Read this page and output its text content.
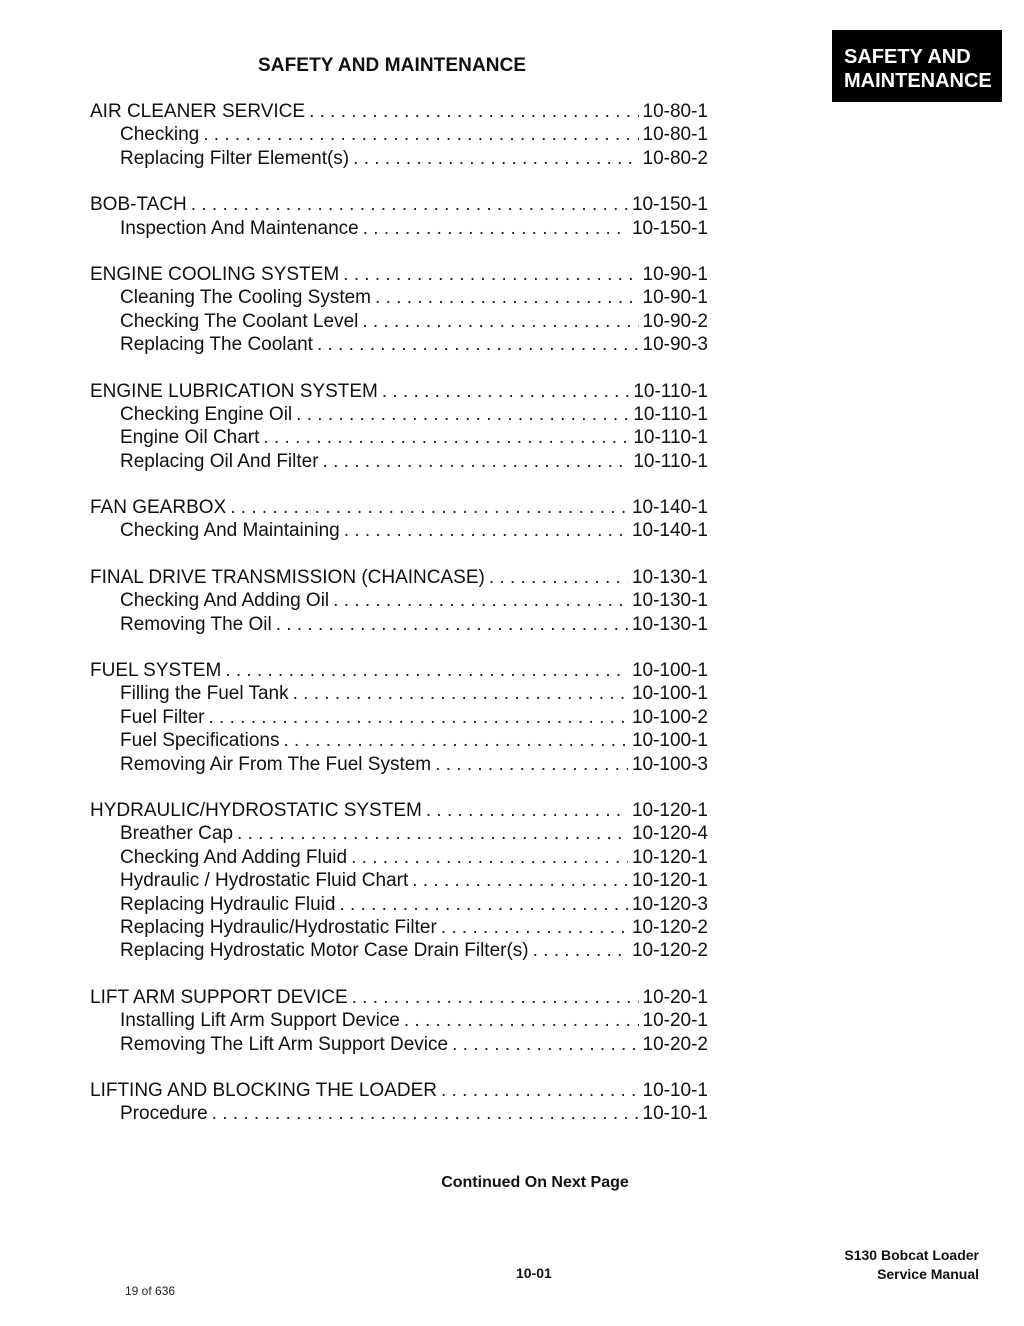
SAFETY AND MAINTENANCE	SAFETY AND
MAINTENANCE
AIR CLEANER SERVICE . . .	10-80-1
Checking . . .	10-80-1
Replacing Filter Element(s) . . .	10-80-2
BOB-TACH . . .	10-150-1
Inspection And Maintenance . . .	10-150-1
ENGINE COOLING SYSTEM . . .	10-90-1
Cleaning The Cooling System . . .	10-90-1
Checking The Coolant Level . . .	10-90-2
Replacing The Coolant . . .	10-90-3
ENGINE LUBRICATION SYSTEM . . .	10-110-1
Checking Engine Oil . . .	10-110-1
Engine Oil Chart . . .	10-110-1
Replacing Oil And Filter . . .	10-110-1
FAN GEARBOX . . .	10-140-1
Checking And Maintaining . . .	10-140-1
FINAL DRIVE TRANSMISSION (CHAINCASE) . . .	10-130-1
Checking And Adding Oil . . .	10-130-1
Removing The Oil . . .	10-130-1
FUEL SYSTEM . . .	10-100-1
Filling the Fuel Tank . . .	10-100-1
Fuel Filter . . .	10-100-2
Fuel Specifications . . .	10-100-1
Removing Air From The Fuel System . . .	10-100-3
HYDRAULIC/HYDROSTATIC SYSTEM . . .	10-120-1
Breather Cap . . .	10-120-4
Checking And Adding Fluid . . .	10-120-1
Hydraulic / Hydrostatic Fluid Chart . . .	10-120-1
Replacing Hydraulic Fluid . . .	10-120-3
Replacing Hydraulic/Hydrostatic Filter . . .	10-120-2
Replacing Hydrostatic Motor Case Drain Filter(s) . . .	10-120-2
LIFT ARM SUPPORT DEVICE . . .	10-20-1
Installing Lift Arm Support Device . . .	10-20-1
Removing The Lift Arm Support Device . . .	10-20-2
LIFTING AND BLOCKING THE LOADER . . .	10-10-1
Procedure . . .	10-10-1
Continued On Next Page
10-01
S130 Bobcat Loader
Service Manual
19 of 636
